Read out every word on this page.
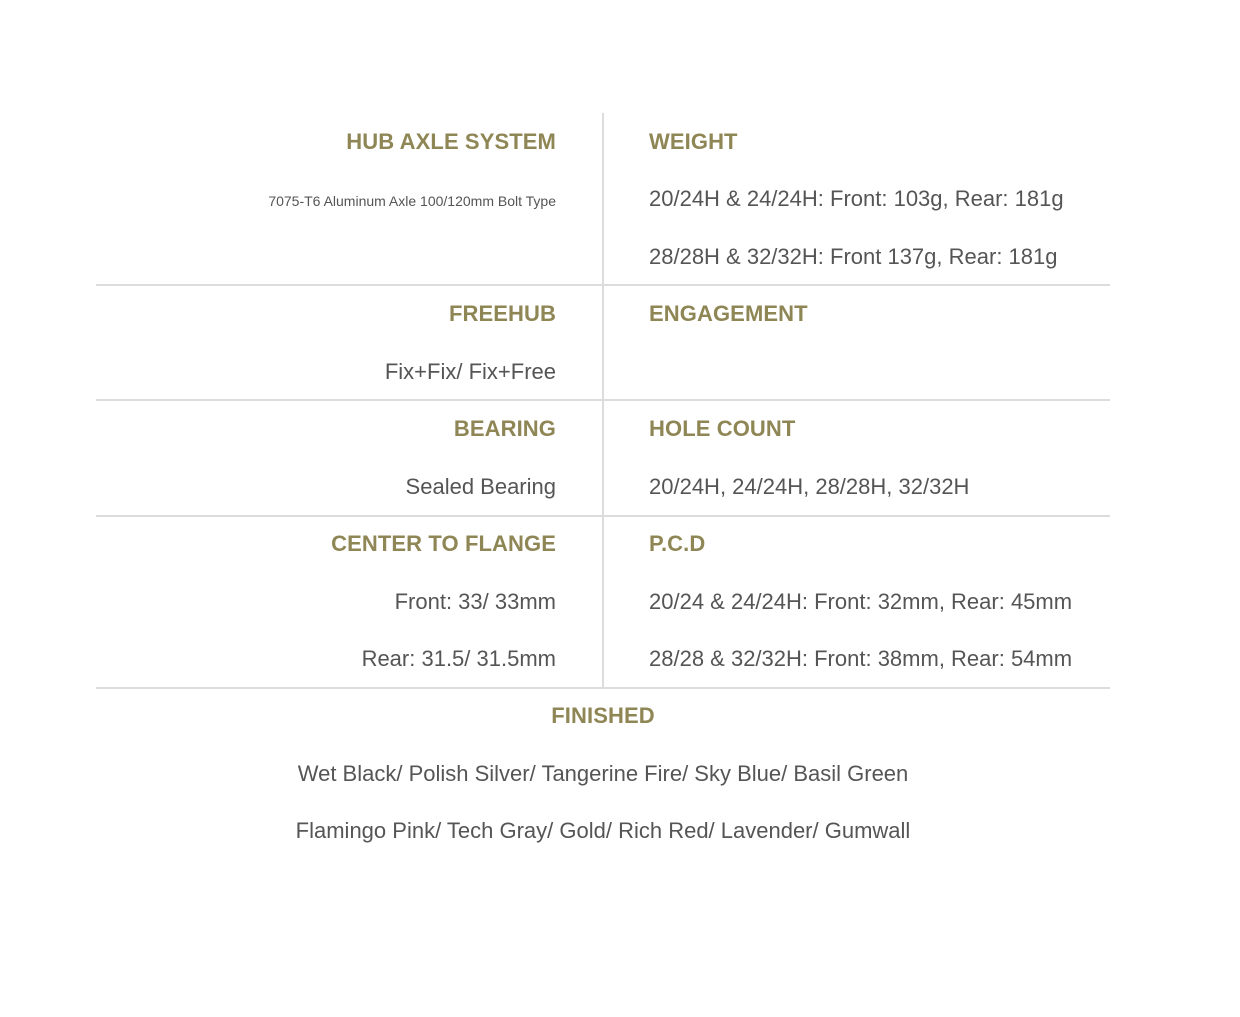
HUB AXLE SYSTEM
7075-T6 Aluminum Axle 100/120mm Bolt Type
WEIGHT
20/24H & 24/24H: Front: 103g, Rear: 181g
28/28H & 32/32H: Front 137g, Rear: 181g
FREEHUB
Fix+Fix/ Fix+Free
ENGAGEMENT
BEARING
Sealed Bearing
HOLE COUNT
20/24H, 24/24H, 28/28H, 32/32H
CENTER TO FLANGE
Front: 33/ 33mm
Rear: 31.5/ 31.5mm
P.C.D
20/24 & 24/24H: Front: 32mm, Rear: 45mm
28/28 & 32/32H: Front: 38mm, Rear: 54mm
FINISHED
Wet Black/ Polish Silver/ Tangerine Fire/ Sky Blue/ Basil Green
Flamingo Pink/ Tech Gray/ Gold/ Rich Red/ Lavender/ Gumwall
